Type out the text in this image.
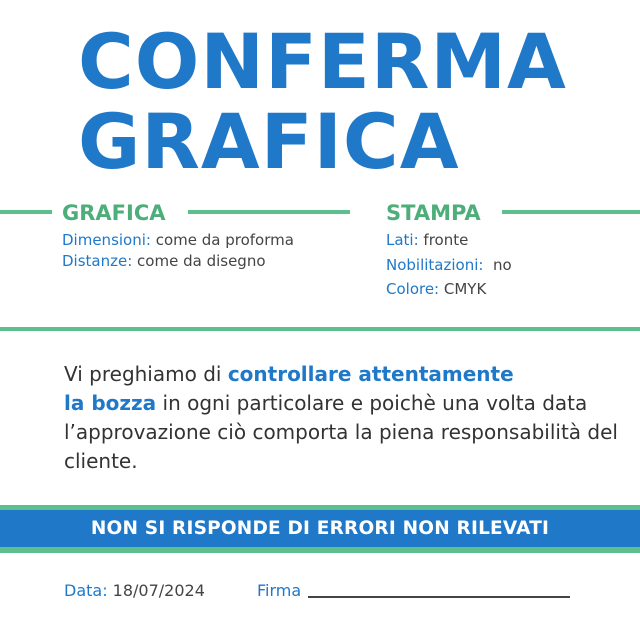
CONFERMA
GRAFICA
GRAFICA
Dimensioni: come da proforma
Distanze: come da disegno
STAMPA
Lati: fronte
Nobilitazioni:  no
Colore: CMYK

Vi preghiamo di controllare attentamente
la bozza in ogni particolare e poichè una volta data l’approvazione ciò comporta la piena responsabilità del cliente.

NON SI RISPONDE DI ERRORI NON RILEVATI
Data: 18/07/2024	Firma
